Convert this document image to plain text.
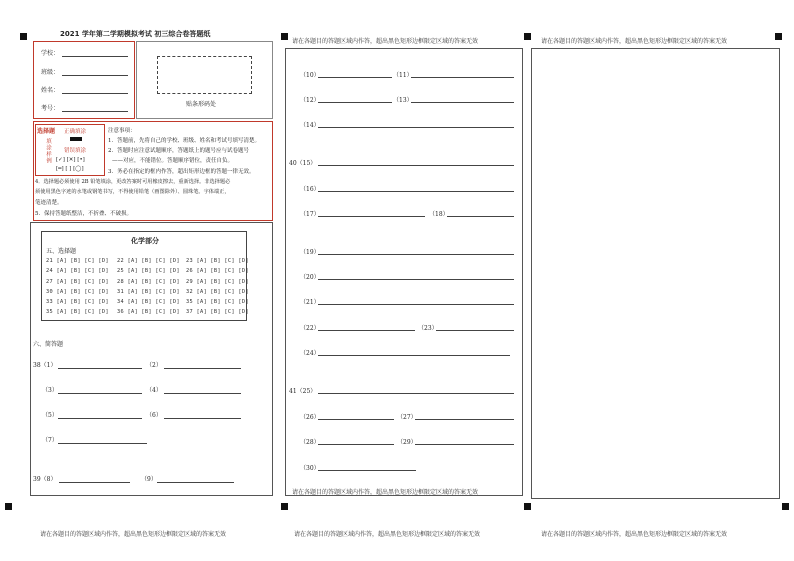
2021 学年第二学期模拟考试 初三综合卷答题纸
学校：
班级：
姓名：
考号：
贴条形码处
选择题 正确填涂
填涂样例 错误填涂
[✓] [✕] [•]
[━] [ ] [◯]
注意事项：
1．答题前，先将自己的学校、班级、姓名和考试号填写清楚。
2．答题时应注意试题顺序，答题纸上的题号应与试卷题号
——对应，不能错位。答题顺序错位，责任自负。
3．务必在指定的框内作答，超出矩形边框的答题一律无效。
4．选择题必须使用 2B 铅笔填涂，更改答案时可用橡皮擦去，重新选择。非选择题必
须使用黑色字迹的水笔或钢笔书写，不得使用铅笔（画图除外）、圆珠笔。字体端正，
笔迹清楚。
5．保持答题纸整洁，不折叠、不破损。
化学部分
五、选择题
21 [A] [B] [C] [D] 22 [A] [B] [C] [D] 23 [A] [B] [C] [D]
24 [A] [B] [C] [D] 25 [A] [B] [C] [D] 26 [A] [B] [C] [D]
27 [A] [B] [C] [D] 28 [A] [B] [C] [D] 29 [A] [B] [C] [D]
30 [A] [B] [C] [D] 31 [A] [B] [C] [D] 32 [A] [B] [C] [D]
33 [A] [B] [C] [D] 34 [A] [B] [C] [D] 35 [A] [B] [C] [D]
35 [A] [B] [C] [D] 36 [A] [B] [C] [D] 37 [A] [B] [C] [D]
六、简答题
38（1）	（2）
（3）	（4）
（5）	（6）
（7）
39（8）	（9）
请在各题目的答题区域内作答，超出黑色矩形边框限定区域的答案无效
（10）	（11）
（12）	（13）
（14）
40（15）
（16）
（17）	（18）
（19）
（20）
（21）
（22）	（23）
（24）
41（25）
（26）	（27）
（28）	（29）
（30）
请在各题目的答题区域内作答，超出黑色矩形边框限定区域的答案无效
请在各题目的答题区域内作答，超出黑色矩形边框限定区域的答案无效
请在各题目的答题区域内作答，超出黑色矩形边框限定区域的答案无效	请在各题目的答题区域内作答，超出黑色矩形边框限定区域的答案无效	请在各题目的答题区域内作答，超出黑色矩形边框限定区域的答案无效
